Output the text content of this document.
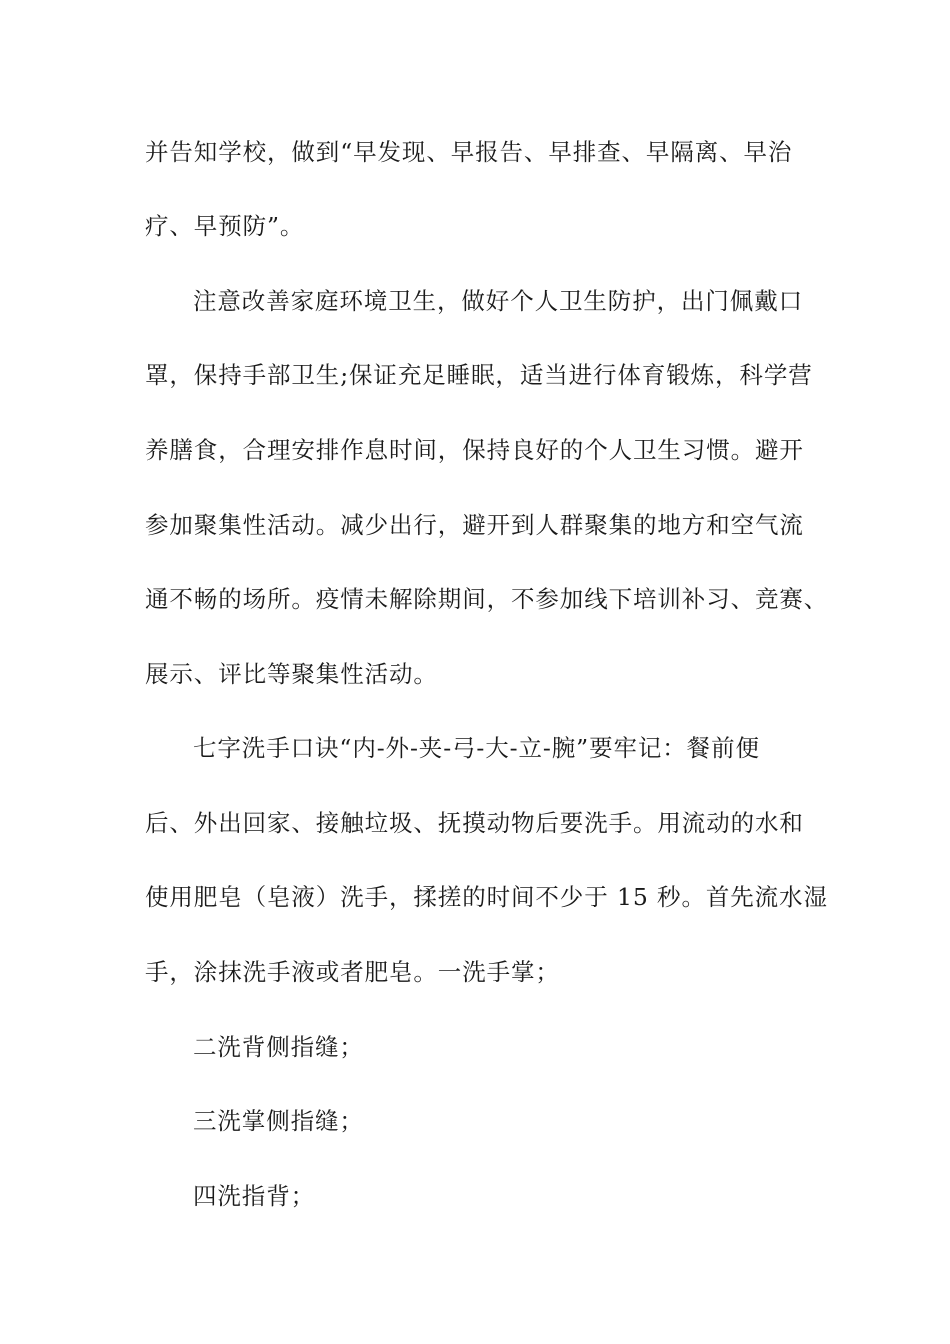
并告知学校，做到“早发现、早报告、早排查、早隔离、早治
疗、早预防”。
注意改善家庭环境卫生，做好个人卫生防护，出门佩戴口
罩，保持手部卫生;保证充足睡眠，适当进行体育锻炼，科学营
养膳食，合理安排作息时间，保持良好的个人卫生习惯。避开
参加聚集性活动。减少出行，避开到人群聚集的地方和空气流
通不畅的场所。疫情未解除期间，不参加线下培训补习、竞赛、
展示、评比等聚集性活动。
七字洗手口诀“内-外-夹-弓-大-立-腕”要牢记：餐前便
后、外出回家、接触垃圾、抚摸动物后要洗手。用流动的水和
使用肥皂（皂液）洗手，揉搓的时间不少于 15 秒。首先流水湿
手，涂抹洗手液或者肥皂。一洗手掌；
二洗背侧指缝；
三洗掌侧指缝；
四洗指背；
